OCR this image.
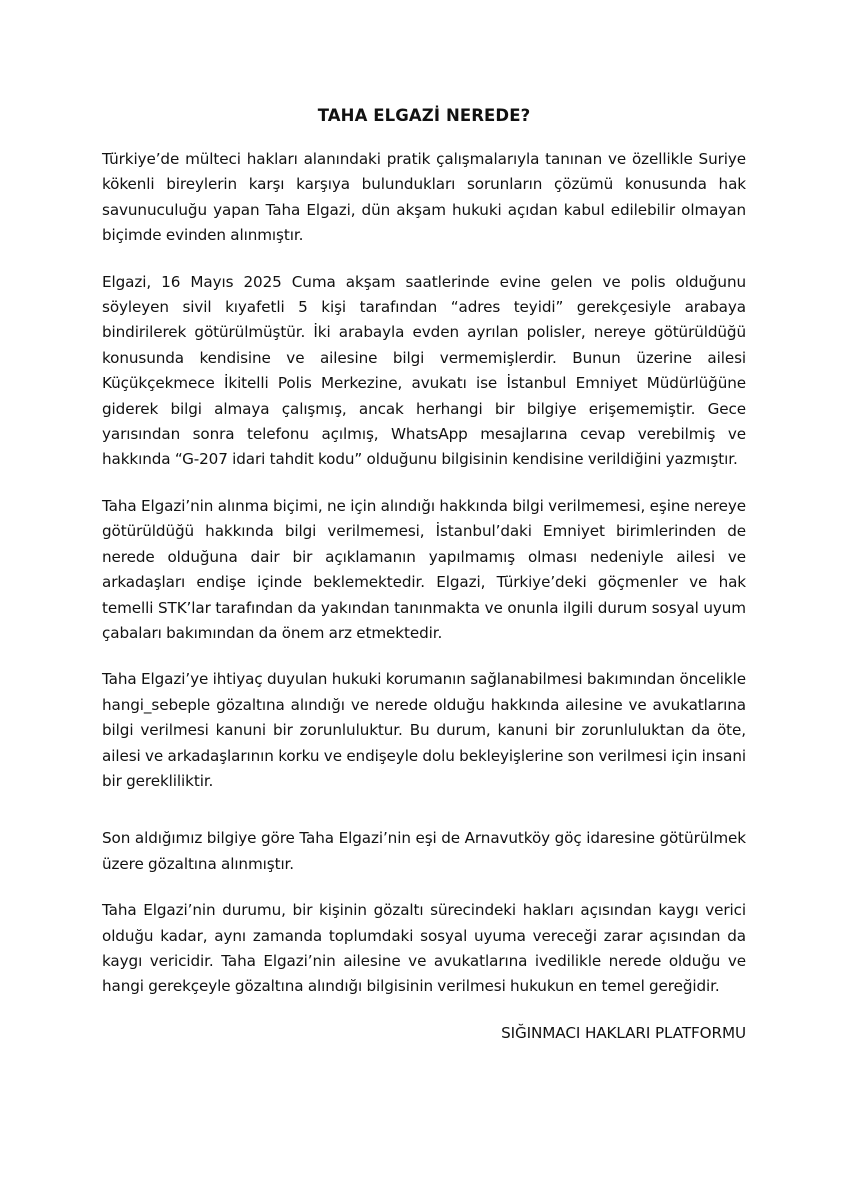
TAHA ELGAZİ NEREDE?

Türkiye’de mülteci hakları alanındaki pratik çalışmalarıyla tanınan ve özellikle Suriye kökenli bireylerin karşı karşıya bulundukları sorunların çözümü konusunda hak savunuculuğu yapan Taha Elgazi, dün akşam hukuki açıdan kabul edilebilir olmayan biçimde evinden alınmıştır.

Elgazi, 16 Mayıs 2025 Cuma akşam saatlerinde evine gelen ve polis olduğunu söyleyen sivil kıyafetli 5 kişi tarafından “adres teyidi” gerekçesiyle arabaya bindirilerek götürülmüştür. İki arabayla evden ayrılan polisler, nereye götürüldüğü konusunda kendisine ve ailesine bilgi vermemişlerdir. Bunun üzerine ailesi Küçükçekmece İkitelli Polis Merkezine, avukatı ise İstanbul Emniyet Müdürlüğüne giderek bilgi almaya çalışmış, ancak herhangi bir bilgiye erişememiştir. Gece yarısından sonra telefonu açılmış, WhatsApp mesajlarına cevap verebilmiş ve hakkında “G-207 idari tahdit kodu” olduğunu bilgisinin kendisine verildiğini yazmıştır.

Taha Elgazi’nin alınma biçimi, ne için alındığı hakkında bilgi verilmemesi, eşine nereye götürüldüğü hakkında bilgi verilmemesi, İstanbul’daki Emniyet birimlerinden de nerede olduğuna dair bir açıklamanın yapılmamış olması nedeniyle ailesi ve arkadaşları endişe içinde beklemektedir. Elgazi, Türkiye’deki göçmenler ve hak temelli STK’lar tarafından da yakından tanınmakta ve onunla ilgili durum sosyal uyum çabaları bakımından da önem arz etmektedir.

Taha Elgazi’ye ihtiyaç duyulan hukuki korumanın sağlanabilmesi bakımından öncelikle hangi_sebeple gözaltına alındığı ve nerede olduğu hakkında ailesine ve avukatlarına bilgi verilmesi kanuni bir zorunluluktur. Bu durum, kanuni bir zorunluluktan da öte, ailesi ve arkadaşlarının korku ve endişeyle dolu bekleyişlerine son verilmesi için insani bir gerekliliktir.

Son aldığımız bilgiye göre Taha Elgazi’nin eşi de Arnavutköy göç idaresine götürülmek üzere gözaltına alınmıştır.

Taha Elgazi’nin durumu, bir kişinin gözaltı sürecindeki hakları açısından kaygı verici olduğu kadar, aynı zamanda toplumdaki sosyal uyuma vereceği zarar açısından da kaygı vericidir. Taha Elgazi’nin ailesine ve avukatlarına ivedilikle nerede olduğu ve hangi gerekçeyle gözaltına alındığı bilgisinin verilmesi hukukun en temel gereğidir.

SIĞINMACI HAKLARI PLATFORMU
